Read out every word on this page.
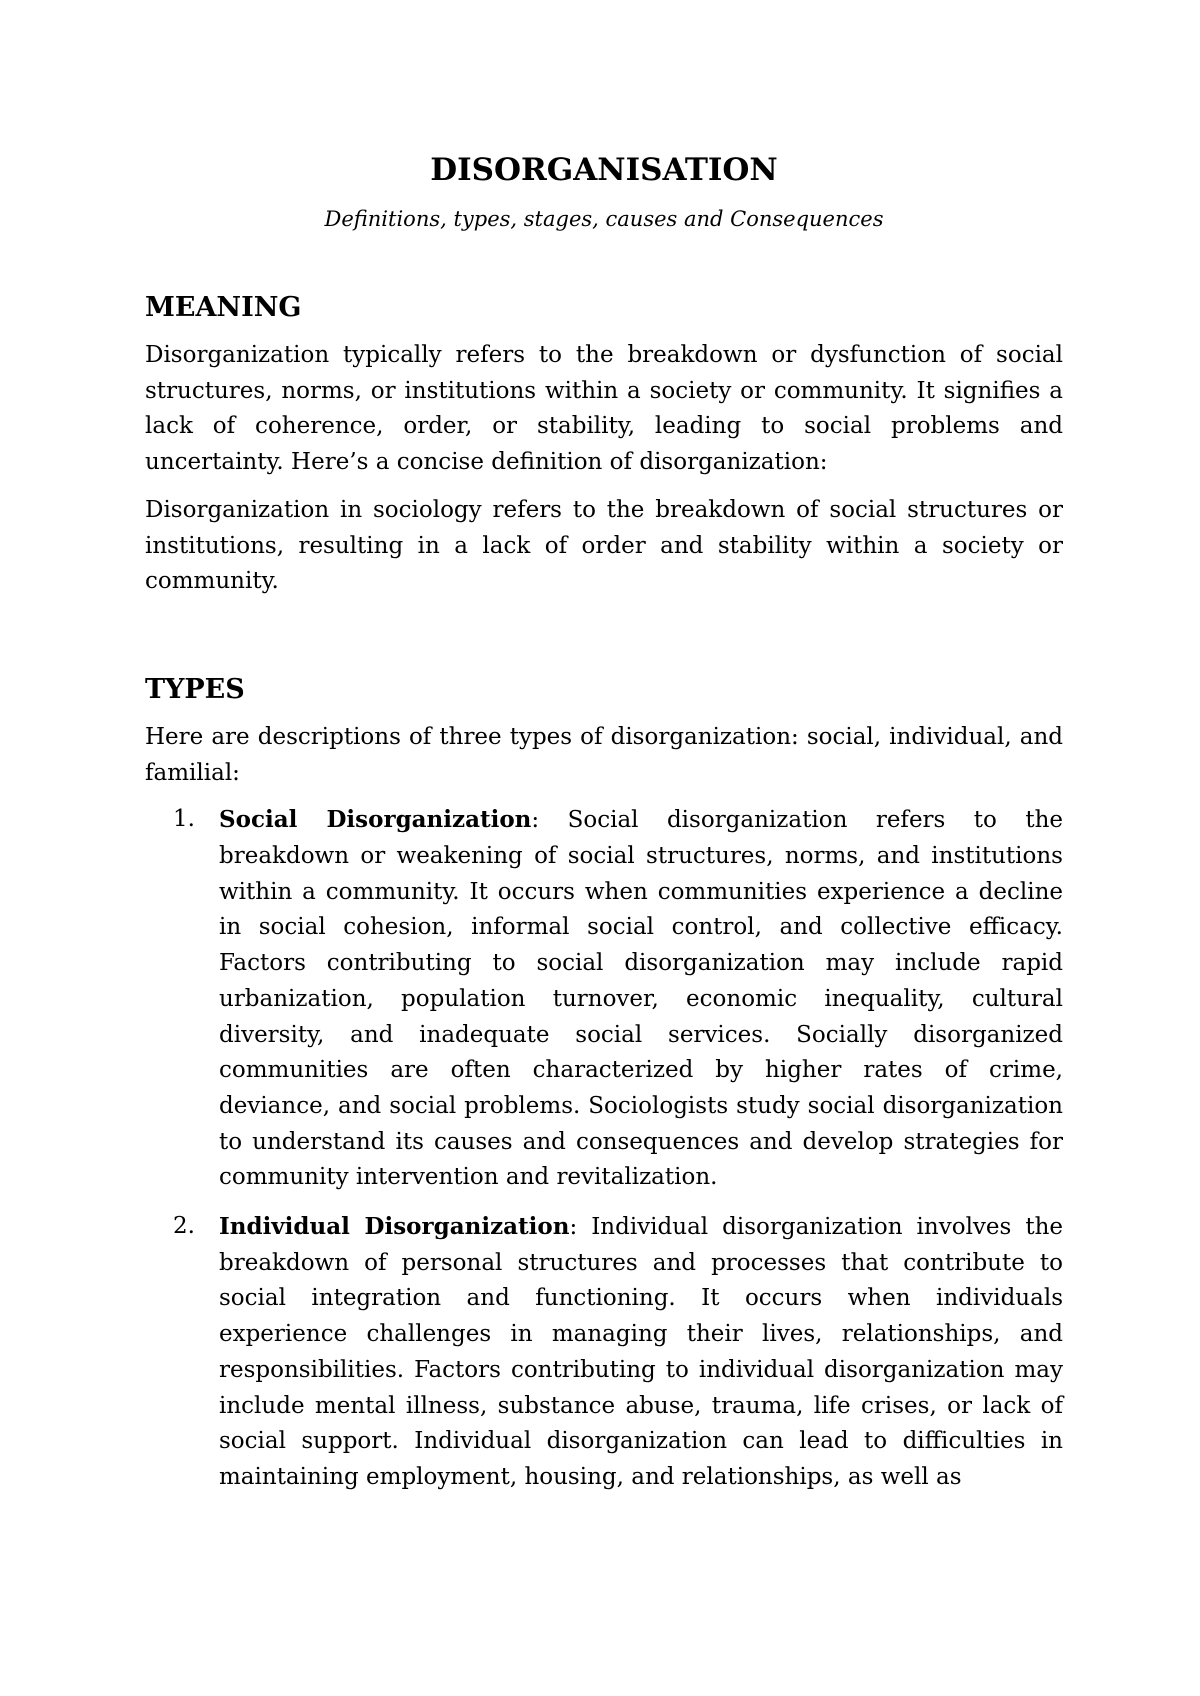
DISORGANISATION

Definitions, types, stages, causes and Consequences

MEANING

Disorganization typically refers to the breakdown or dysfunction of social structures, norms, or institutions within a society or community. It signifies a lack of coherence, order, or stability, leading to social problems and uncertainty. Here’s a concise definition of disorganization:

Disorganization in sociology refers to the breakdown of social structures or institutions, resulting in a lack of order and stability within a society or community.

TYPES

Here are descriptions of three types of disorganization: social, individual, and familial:

1. Social Disorganization: Social disorganization refers to the breakdown or weakening of social structures, norms, and institutions within a community. It occurs when communities experience a decline in social cohesion, informal social control, and collective efficacy. Factors contributing to social disorganization may include rapid urbanization, population turnover, economic inequality, cultural diversity, and inadequate social services. Socially disorganized communities are often characterized by higher rates of crime, deviance, and social problems. Sociologists study social disorganization to understand its causes and consequences and develop strategies for community intervention and revitalization.

2. Individual Disorganization: Individual disorganization involves the breakdown of personal structures and processes that contribute to social integration and functioning. It occurs when individuals experience challenges in managing their lives, relationships, and responsibilities. Factors contributing to individual disorganization may include mental illness, substance abuse, trauma, life crises, or lack of social support. Individual disorganization can lead to difficulties in maintaining employment, housing, and relationships, as well as
